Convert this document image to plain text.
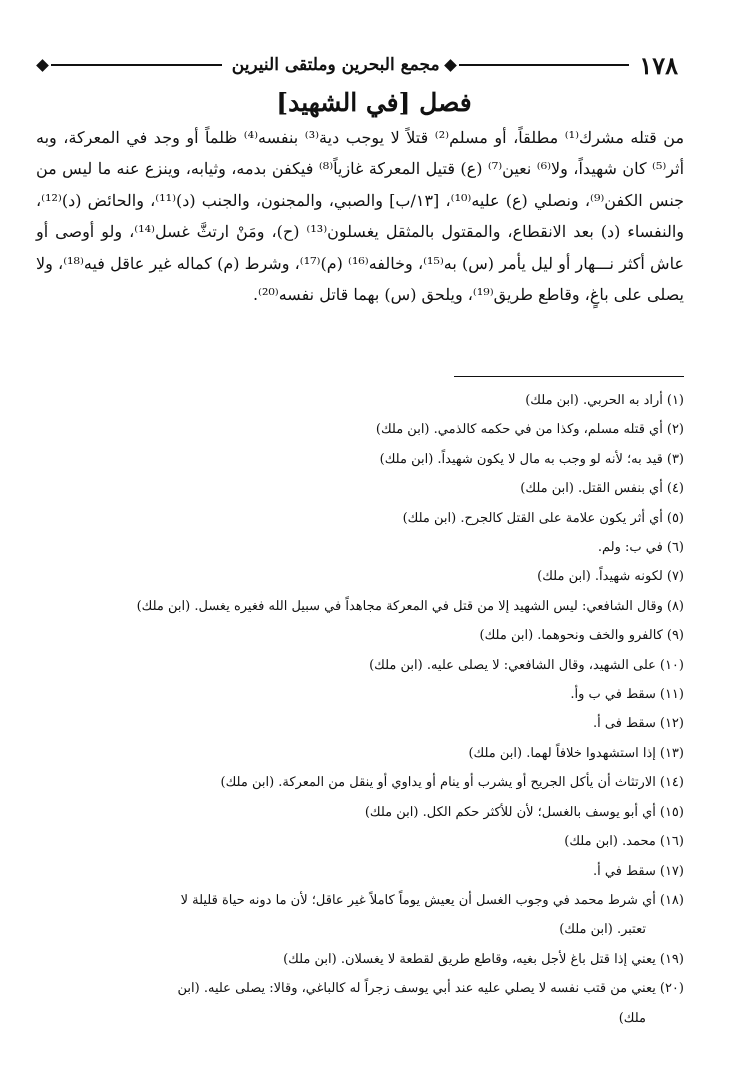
١٧٨
مجمع البحرين وملتقى النيرين
فصل [في الشهيد]

من قتله مشرك⁽¹⁾ مطلقاً، أو مسلم⁽²⁾ قتلاً لا يوجب دية⁽³⁾ بنفسه⁽⁴⁾ ظلماً أو وجد في المعركة، وبه أثر⁽⁵⁾ كان شهيداً، ولا⁽⁶⁾ نعين⁽⁷⁾ (ع) قتيل المعركة غازياً⁽⁸⁾ فيكفن بدمه، وثيابه، وينزع عنه ما ليس من جنس الكفن⁽⁹⁾، ونصلي (ع) عليه⁽¹⁰⁾، [١٣/ب] والصبي، والمجنون، والجنب (د)⁽¹¹⁾، والحائض (د)⁽¹²⁾، والنفساء (د) بعد الانقطاع، والمقتول بالمثقل يغسلون⁽¹³⁾ (ح)، ومَنْ ارتثَّ غسل⁽¹⁴⁾، ولو أوصى أو عاش أكثر نـــهار أو ليل يأمر (س) به⁽¹⁵⁾، وخالفه⁽¹⁶⁾ (م)⁽¹⁷⁾، وشرط (م) كماله غير عاقل فيه⁽¹⁸⁾، ولا يصلى على باغٍ، وقاطع طريق⁽¹⁹⁾، ويلحق (س) بهما قاتل نفسه⁽²⁰⁾.

(١)أراد به الحربي. (ابن ملك)

(٢)أي قتله مسلم، وكذا من في حكمه كالذمي. (ابن ملك)

(٣)قيد به؛ لأنه لو وجب به مال لا يكون شهيداً. (ابن ملك)

(٤)أي بنفس القتل. (ابن ملك)

(٥)أي أثر يكون علامة على القتل كالجرح. (ابن ملك)

(٦)في ب: ولم.

(٧)لكونه شهيداً. (ابن ملك)

(٨)وقال الشافعي: ليس الشهيد إلا من قتل في المعركة مجاهداً في سبيل الله فغيره يغسل. (ابن ملك)

(٩)كالفرو والخف ونحوهما. (ابن ملك)

(١٠)على الشهيد، وقال الشافعي: لا يصلى عليه. (ابن ملك)

(١١)سقط في ب وأ.

(١٢)سقط فى أ.

(١٣)إذا استشهدوا خلافاً لهما. (ابن ملك)

(١٤)الارتثاث أن يأكل الجريح أو يشرب أو ينام أو يداوي أو ينقل من المعركة. (ابن ملك)

(١٥)أي أبو يوسف بالغسل؛ لأن للأكثر حكم الكل. (ابن ملك)

(١٦)محمد. (ابن ملك)

(١٧)سقط في أ.

(١٨)أي شرط محمد في وجوب الغسل أن يعيش يوماً كاملاً غير عاقل؛ لأن ما دونه حياة قليلة لا

تعتبر. (ابن ملك)

(١٩)يعني إذا قتل باغ لأجل بغيه، وقاطع طريق لقطعة لا يغسلان. (ابن ملك)

(٢٠)يعني من قتب نفسه لا يصلي عليه عند أبي يوسف زجراً له كالباغي، وقالا: يصلى عليه. (ابن

ملك)
